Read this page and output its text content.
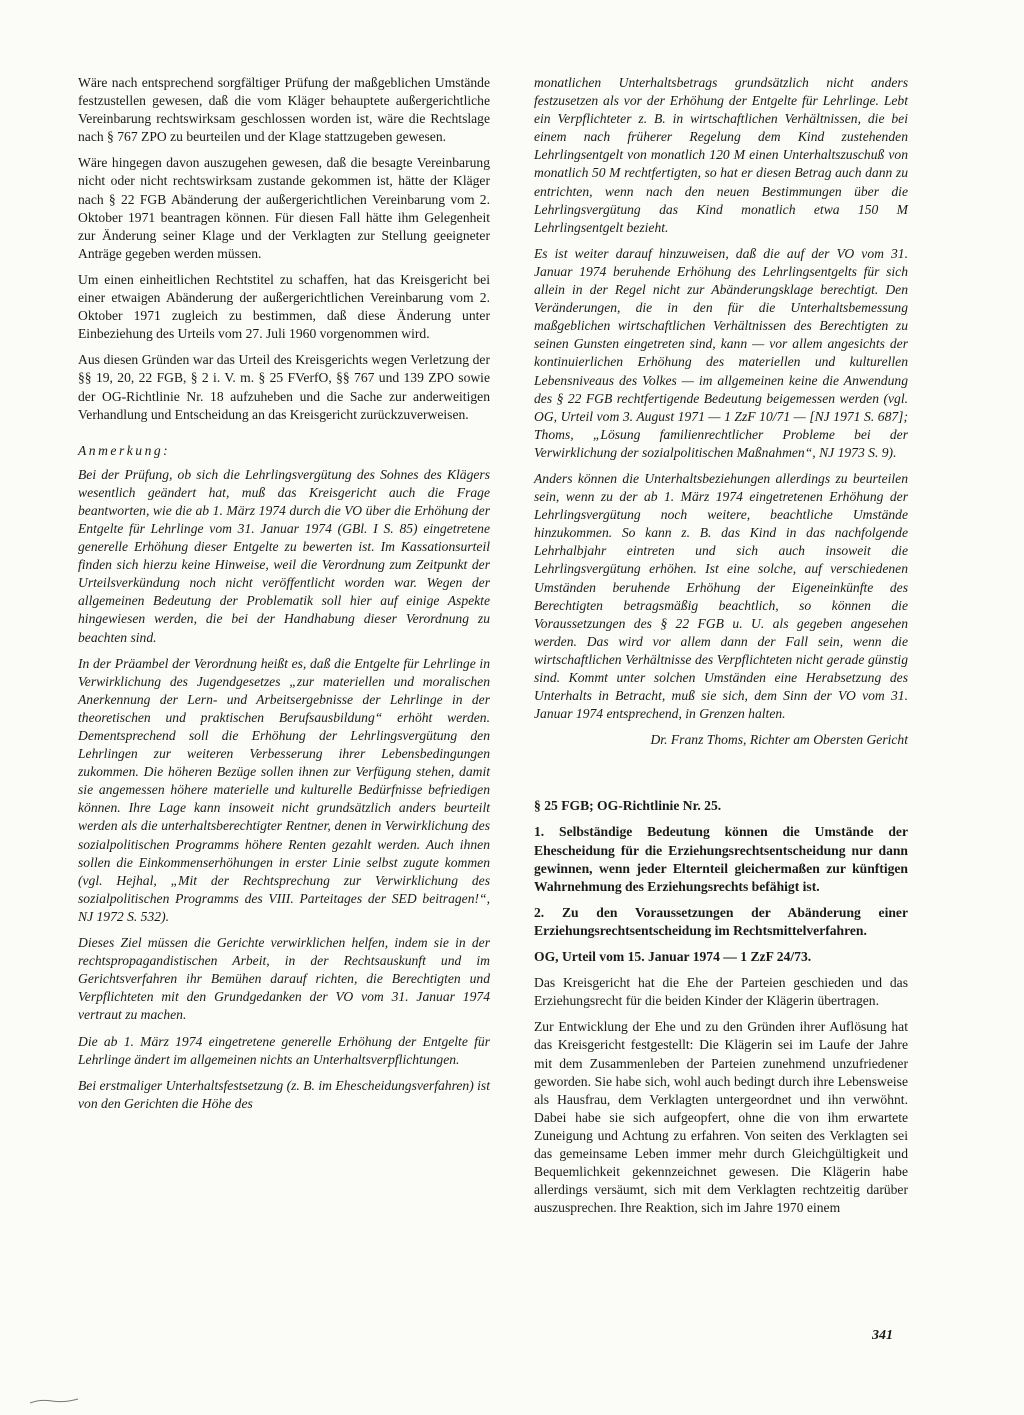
Wäre nach entsprechend sorgfältiger Prüfung der maßgeblichen Umstände festzustellen gewesen, daß die vom Kläger behauptete außergerichtliche Vereinbarung rechtswirksam geschlossen worden ist, wäre die Rechtslage nach § 767 ZPO zu beurteilen und der Klage stattzugeben gewesen.

Wäre hingegen davon auszugehen gewesen, daß die besagte Vereinbarung nicht oder nicht rechtswirksam zustande gekommen ist, hätte der Kläger nach § 22 FGB Abänderung der außergerichtlichen Vereinbarung vom 2. Oktober 1971 beantragen können. Für diesen Fall hätte ihm Gelegenheit zur Änderung seiner Klage und der Verklagten zur Stellung geeigneter Anträge gegeben werden müssen.

Um einen einheitlichen Rechtstitel zu schaffen, hat das Kreisgericht bei einer etwaigen Abänderung der außergerichtlichen Vereinbarung vom 2. Oktober 1971 zugleich zu bestimmen, daß diese Änderung unter Einbeziehung des Urteils vom 27. Juli 1960 vorgenommen wird.

Aus diesen Gründen war das Urteil des Kreisgerichts wegen Verletzung der §§ 19, 20, 22 FGB, § 2 i. V. m. § 25 FVerfO, §§ 767 und 139 ZPO sowie der OG-Richtlinie Nr. 18 aufzuheben und die Sache zur anderweitigen Verhandlung und Entscheidung an das Kreisgericht zurückzuverweisen.

Anmerkung:

Bei der Prüfung, ob sich die Lehrlingsvergütung des Sohnes des Klägers wesentlich geändert hat, muß das Kreisgericht auch die Frage beantworten, wie die ab 1. März 1974 durch die VO über die Erhöhung der Entgelte für Lehrlinge vom 31. Januar 1974 (GBl. I S. 85) eingetretene generelle Erhöhung dieser Entgelte zu bewerten ist. Im Kassationsurteil finden sich hierzu keine Hinweise, weil die Verordnung zum Zeitpunkt der Urteilsverkündung noch nicht veröffentlicht worden war. Wegen der allgemeinen Bedeutung der Problematik soll hier auf einige Aspekte hingewiesen werden, die bei der Handhabung dieser Verordnung zu beachten sind.

In der Präambel der Verordnung heißt es, daß die Entgelte für Lehrlinge in Verwirklichung des Jugendgesetzes „zur materiellen und moralischen Anerkennung der Lern- und Arbeitsergebnisse der Lehrlinge in der theoretischen und praktischen Berufsausbildung“ erhöht werden. Dementsprechend soll die Erhöhung der Lehrlingsvergütung den Lehrlingen zur weiteren Verbesserung ihrer Lebensbedingungen zukommen. Die höheren Bezüge sollen ihnen zur Verfügung stehen, damit sie angemessen höhere materielle und kulturelle Bedürfnisse befriedigen können. Ihre Lage kann insoweit nicht grundsätzlich anders beurteilt werden als die unterhaltsberechtigter Rentner, denen in Verwirklichung des sozialpolitischen Programms höhere Renten gezahlt werden. Auch ihnen sollen die Einkommenserhöhungen in erster Linie selbst zugute kommen (vgl. Hejhal, „Mit der Rechtsprechung zur Verwirklichung des sozialpolitischen Programms des VIII. Parteitages der SED beitragen!“, NJ 1972 S. 532).

Dieses Ziel müssen die Gerichte verwirklichen helfen, indem sie in der rechtspropagandistischen Arbeit, in der Rechtsauskunft und im Gerichtsverfahren ihr Bemühen darauf richten, die Berechtigten und Verpflichteten mit den Grundgedanken der VO vom 31. Januar 1974 vertraut zu machen.

Die ab 1. März 1974 eingetretene generelle Erhöhung der Entgelte für Lehrlinge ändert im allgemeinen nichts an Unterhaltsverpflichtungen.

Bei erstmaliger Unterhaltsfestsetzung (z. B. im Ehescheidungsverfahren) ist von den Gerichten die Höhe des

monatlichen Unterhaltsbetrags grundsätzlich nicht anders festzusetzen als vor der Erhöhung der Entgelte für Lehrlinge. Lebt ein Verpflichteter z. B. in wirtschaftlichen Verhältnissen, die bei einem nach früherer Regelung dem Kind zustehenden Lehrlingsentgelt von monatlich 120 M einen Unterhaltszuschuß von monatlich 50 M rechtfertigten, so hat er diesen Betrag auch dann zu entrichten, wenn nach den neuen Bestimmungen über die Lehrlingsvergütung das Kind monatlich etwa 150 M Lehrlingsentgelt bezieht.

Es ist weiter darauf hinzuweisen, daß die auf der VO vom 31. Januar 1974 beruhende Erhöhung des Lehrlingsentgelts für sich allein in der Regel nicht zur Abänderungsklage berechtigt. Den Veränderungen, die in den für die Unterhaltsbemessung maßgeblichen wirtschaftlichen Verhältnissen des Berechtigten zu seinen Gunsten eingetreten sind, kann — vor allem angesichts der kontinuierlichen Erhöhung des materiellen und kulturellen Lebensniveaus des Volkes — im allgemeinen keine die Anwendung des § 22 FGB rechtfertigende Bedeutung beigemessen werden (vgl. OG, Urteil vom 3. August 1971 — 1 ZzF 10/71 — [NJ 1971 S. 687]; Thoms, „Lösung familienrechtlicher Probleme bei der Verwirklichung der sozialpolitischen Maßnahmen“, NJ 1973 S. 9).

Anders können die Unterhaltsbeziehungen allerdings zu beurteilen sein, wenn zu der ab 1. März 1974 eingetretenen Erhöhung der Lehrlingsvergütung noch weitere, beachtliche Umstände hinzukommen. So kann z. B. das Kind in das nachfolgende Lehrhalbjahr eintreten und sich auch insoweit die Lehrlingsvergütung erhöhen. Ist eine solche, auf verschiedenen Umständen beruhende Erhöhung der Eigeneinkünfte des Berechtigten betragsmäßig beachtlich, so können die Voraussetzungen des § 22 FGB u. U. als gegeben angesehen werden. Das wird vor allem dann der Fall sein, wenn die wirtschaftlichen Verhältnisse des Verpflichteten nicht gerade günstig sind. Kommt unter solchen Umständen eine Herabsetzung des Unterhalts in Betracht, muß sie sich, dem Sinn der VO vom 31. Januar 1974 entsprechend, in Grenzen halten.

Dr. Franz Thoms, Richter am Obersten Gericht

§ 25 FGB; OG-Richtlinie Nr. 25.

1. Selbständige Bedeutung können die Umstände der Ehescheidung für die Erziehungsrechtsentscheidung nur dann gewinnen, wenn jeder Elternteil gleichermaßen zur künftigen Wahrnehmung des Erziehungsrechts befähigt ist.

2. Zu den Voraussetzungen der Abänderung einer Erziehungsrechtsentscheidung im Rechtsmittelverfahren.

OG, Urteil vom 15. Januar 1974 — 1 ZzF 24/73.

Das Kreisgericht hat die Ehe der Parteien geschieden und das Erziehungsrecht für die beiden Kinder der Klägerin übertragen.

Zur Entwicklung der Ehe und zu den Gründen ihrer Auflösung hat das Kreisgericht festgestellt: Die Klägerin sei im Laufe der Jahre mit dem Zusammenleben der Parteien zunehmend unzufriedener geworden. Sie habe sich, wohl auch bedingt durch ihre Lebensweise als Hausfrau, dem Verklagten untergeordnet und ihn verwöhnt. Dabei habe sie sich aufgeopfert, ohne die von ihm erwartete Zuneigung und Achtung zu erfahren. Von seiten des Verklagten sei das gemeinsame Leben immer mehr durch Gleichgültigkeit und Bequemlichkeit gekennzeichnet gewesen. Die Klägerin habe allerdings versäumt, sich mit dem Verklagten rechtzeitig darüber auszusprechen. Ihre Reaktion, sich im Jahre 1970 einem

341
